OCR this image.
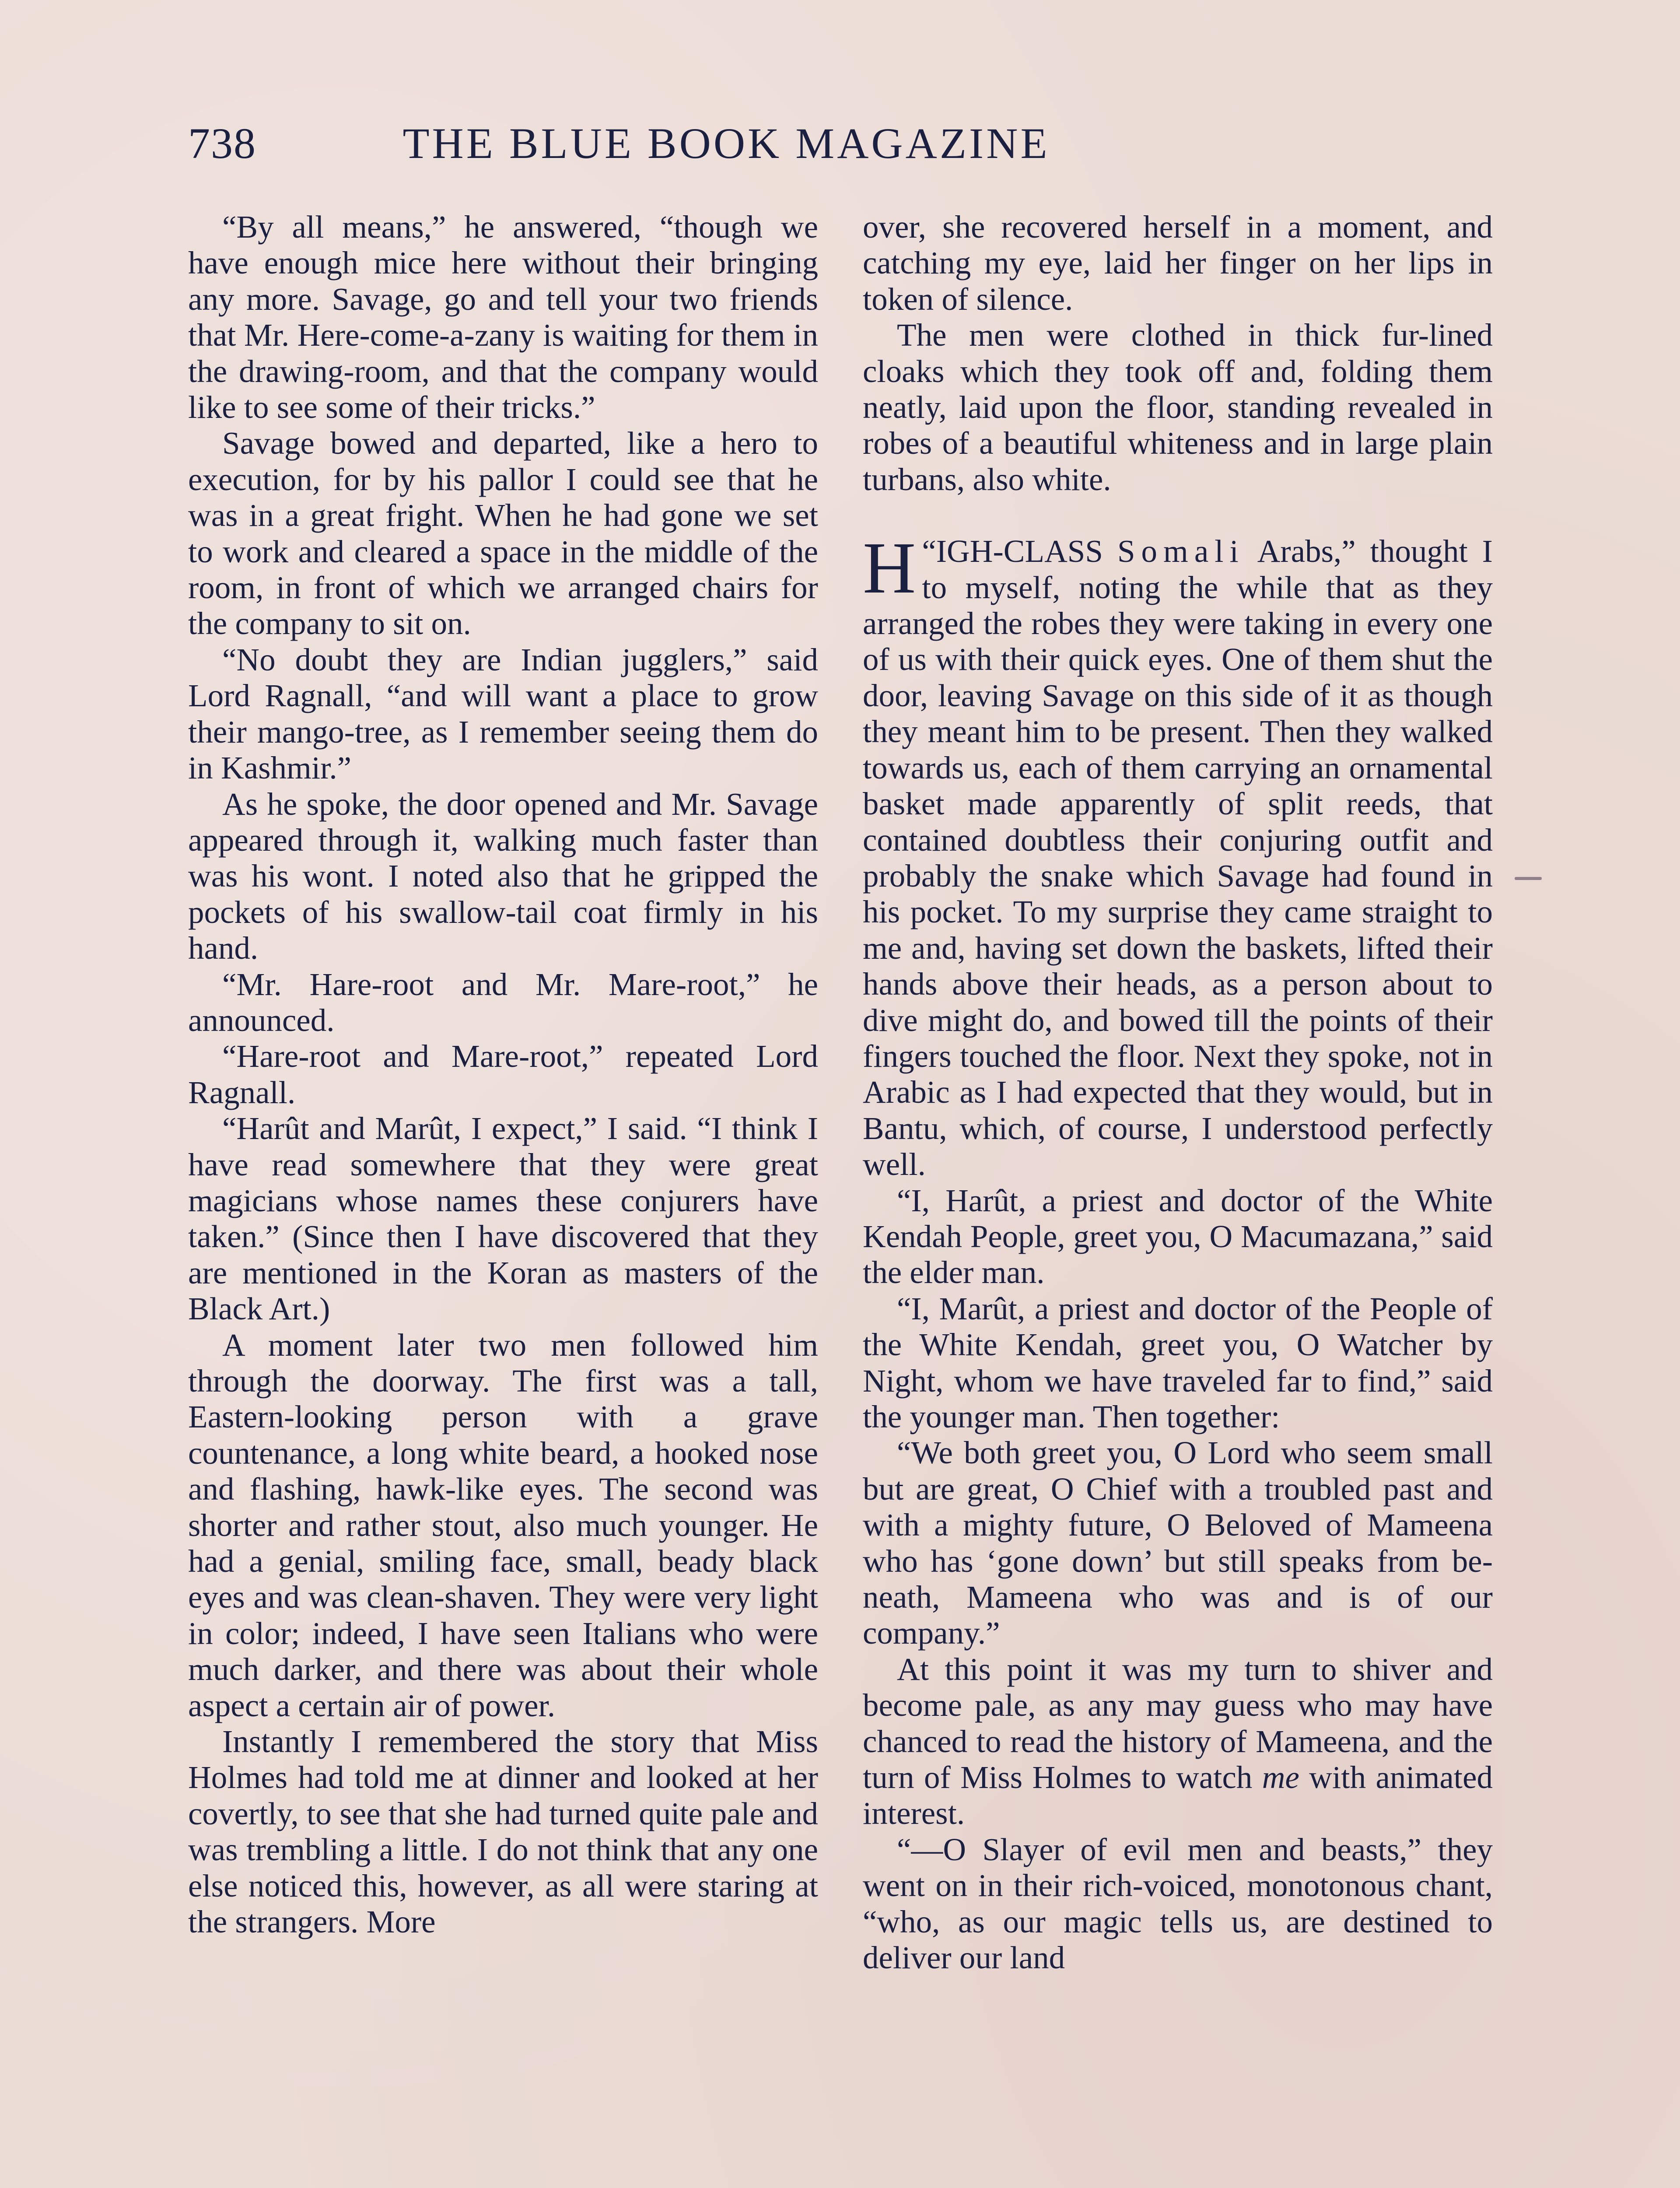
738	THE BLUE BOOK MAGAZINE

“By all means,” he answered, “though we have enough mice here without their bringing any more. Savage, go and tell your two friends that Mr. Here-come-a-zany is waiting for them in the drawing-room, and that the company would like to see some of their tricks.”

Savage bowed and departed, like a hero to execution, for by his pallor I could see that he was in a great fright. When he had gone we set to work and cleared a space in the middle of the room, in front of which we arranged chairs for the company to sit on.

“No doubt they are Indian jugglers,” said Lord Ragnall, “and will want a place to grow their mango-tree, as I remember seeing them do in Kashmir.”

As he spoke, the door opened and Mr. Savage appeared through it, walking much faster than was his wont. I noted also that he gripped the pockets of his swallow-tail coat firmly in his hand.

“Mr. Hare-root and Mr. Mare-root,” he announced.

“Hare-root and Mare-root,” repeated Lord Ragnall.

“Harût and Marût, I expect,” I said. “I think I have read somewhere that they were great magicians whose names these conjurers have taken.” (Since then I have discovered that they are mentioned in the Koran as masters of the Black Art.)

A moment later two men followed him through the doorway. The first was a tall, Eastern-looking person with a grave countenance, a long white beard, a hooked nose and flashing, hawk-like eyes. The second was shorter and rather stout, also much younger. He had a genial, smiling face, small, beady black eyes and was clean-shaven. They were very light in color; indeed, I have seen Italians who were much darker, and there was about their whole aspect a certain air of power.

Instantly I remembered the story that Miss Holmes had told me at dinner and looked at her covertly, to see that she had turned quite pale and was trembling a little. I do not think that any one else noticed this, however, as all were staring at the strangers. More

over, she recovered herself in a moment, and catching my eye, laid her finger on her lips in token of silence.

The men were clothed in thick fur-lined cloaks which they took off and, folding them neatly, laid upon the floor, standing revealed in robes of a beautiful whiteness and in large plain turbans, also white.

“
H IGH-CLASS Somali Arabs,” thought I to myself, noting the while that as they arranged the robes they were taking in every one of us with their quick eyes. One of them shut the door, leaving Savage on this side of it as though they meant him to be present. Then they walked towards us, each of them carrying an ornamental basket made apparently of split reeds, that contained doubtless their conjuring outfit and probably the snake which Savage had found in his pocket. To my surprise they came straight to me and, having set down the baskets, lifted their hands above their heads, as a person about to dive might do, and bowed till the points of their fingers touched the floor. Next they spoke, not in Arabic as I had expected that they would, but in Bantu, which, of course, I understood perfectly well.

“I, Harût, a priest and doctor of the White Kendah People, greet you, O Macumazana,” said the elder man.

“I, Marût, a priest and doctor of the People of the White Kendah, greet you, O Watcher by Night, whom we have traveled far to find,” said the younger man. Then together:

“We both greet you, O Lord who seem small but are great, O Chief with a troubled past and with a mighty future, O Beloved of Mameena who has ‘gone down’ but still speaks from beneath, Mameena who was and is of our company.”

At this point it was my turn to shiver and become pale, as any may guess who may have chanced to read the history of Mameena, and the turn of Miss Holmes to watch me with animated interest.

“—O Slayer of evil men and beasts,” they went on in their rich-voiced, monotonous chant, “who, as our magic tells us, are destined to deliver our land
